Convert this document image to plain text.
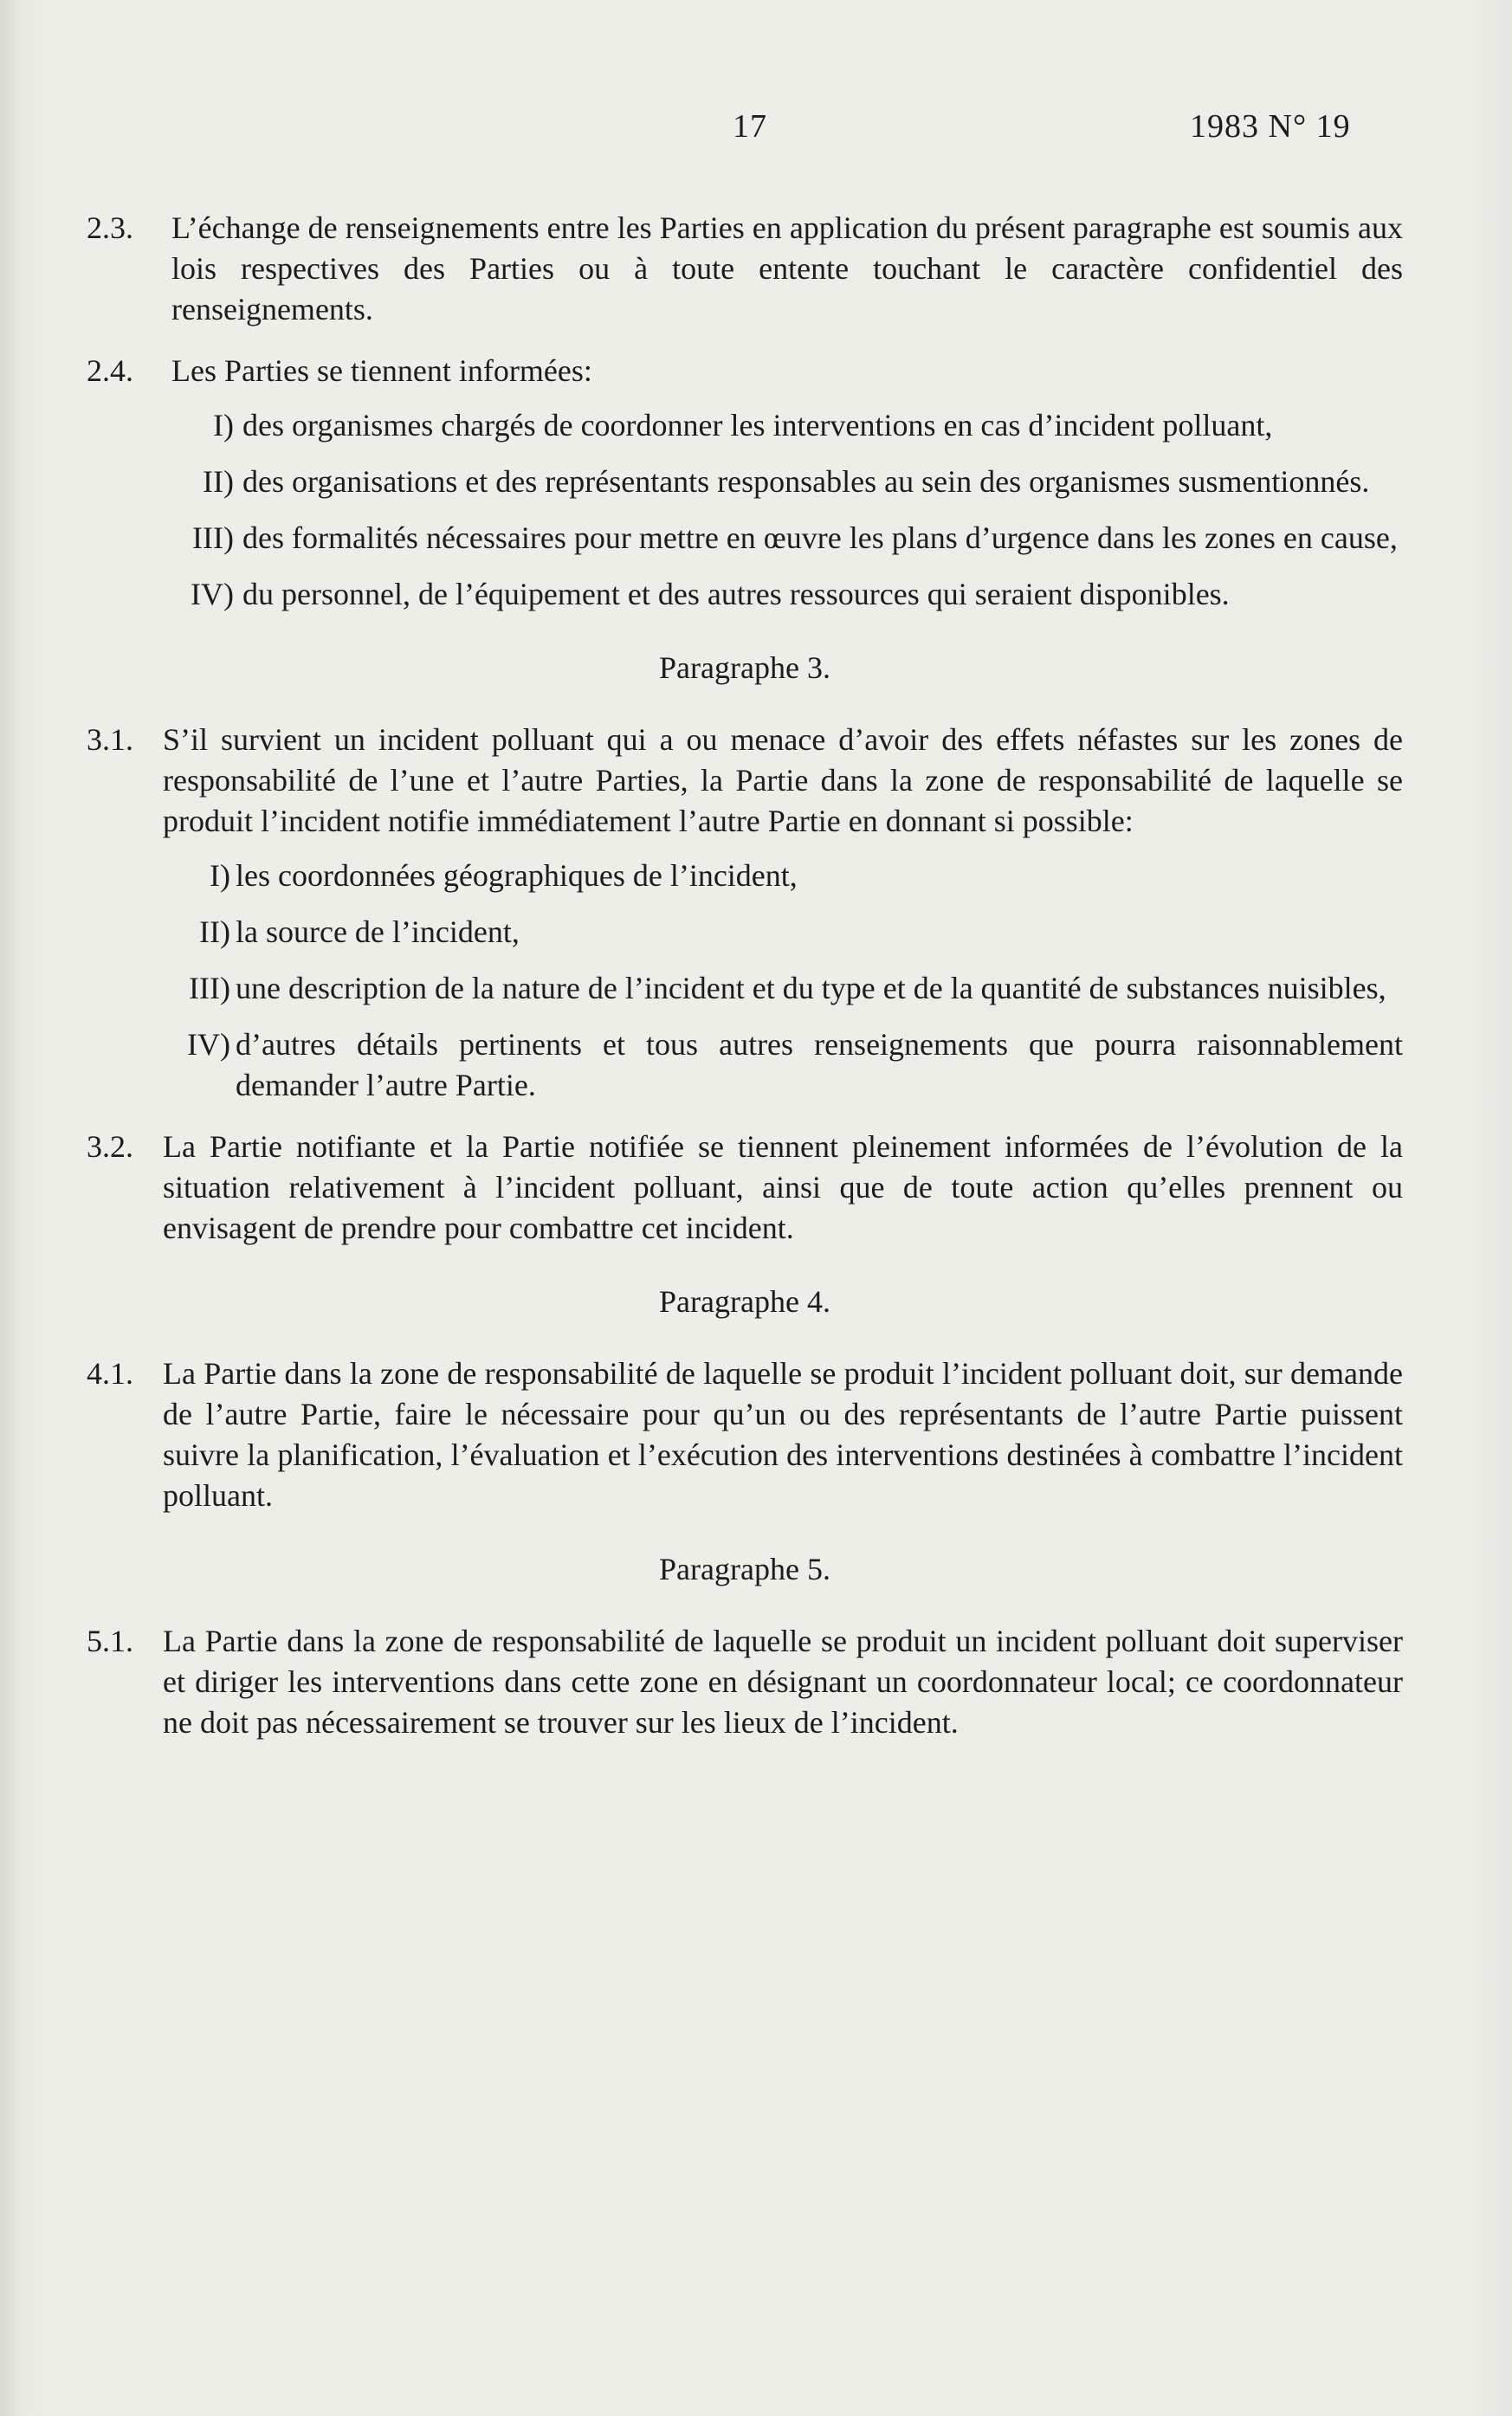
17	1983 N° 19
2.3.	L’échange de renseignements entre les Parties en application du présent paragraphe est soumis aux lois respectives des Parties ou à toute entente touchant le caractère confidentiel des renseignements.
2.4.	Les Parties se tiennent informées:
I) des organismes chargés de coordonner les interventions en cas d’incident polluant,
II) des organisations et des représentants responsables au sein des organismes susmentionnés.
III) des formalités nécessaires pour mettre en œuvre les plans d’urgence dans les zones en cause,
IV) du personnel, de l’équipement et des autres ressources qui seraient disponibles.
Paragraphe 3.
3.1. S’il survient un incident polluant qui a ou menace d’avoir des effets néfastes sur les zones de responsabilité de l’une et l’autre Parties, la Partie dans la zone de responsabilité de laquelle se produit l’incident notifie immédiatement l’autre Partie en donnant si possible:
I) les coordonnées géographiques de l’incident,
II) la source de l’incident,
III) une description de la nature de l’incident et du type et de la quantité de substances nuisibles,
IV) d’autres détails pertinents et tous autres renseignements que pourra raisonnablement demander l’autre Partie.
3.2. La Partie notifiante et la Partie notifiée se tiennent pleinement informées de l’évolution de la situation relativement à l’incident polluant, ainsi que de toute action qu’elles prennent ou envisagent de prendre pour combattre cet incident.
Paragraphe 4.
4.1. La Partie dans la zone de responsabilité de laquelle se produit l’incident polluant doit, sur demande de l’autre Partie, faire le nécessaire pour qu’un ou des représentants de l’autre Partie puissent suivre la planification, l’évaluation et l’exécution des interventions destinées à combattre l’incident polluant.
Paragraphe 5.
5.1. La Partie dans la zone de responsabilité de laquelle se produit un incident polluant doit superviser et diriger les interventions dans cette zone en désignant un coordonnateur local; ce coordonnateur ne doit pas nécessairement se trouver sur les lieux de l’incident.
